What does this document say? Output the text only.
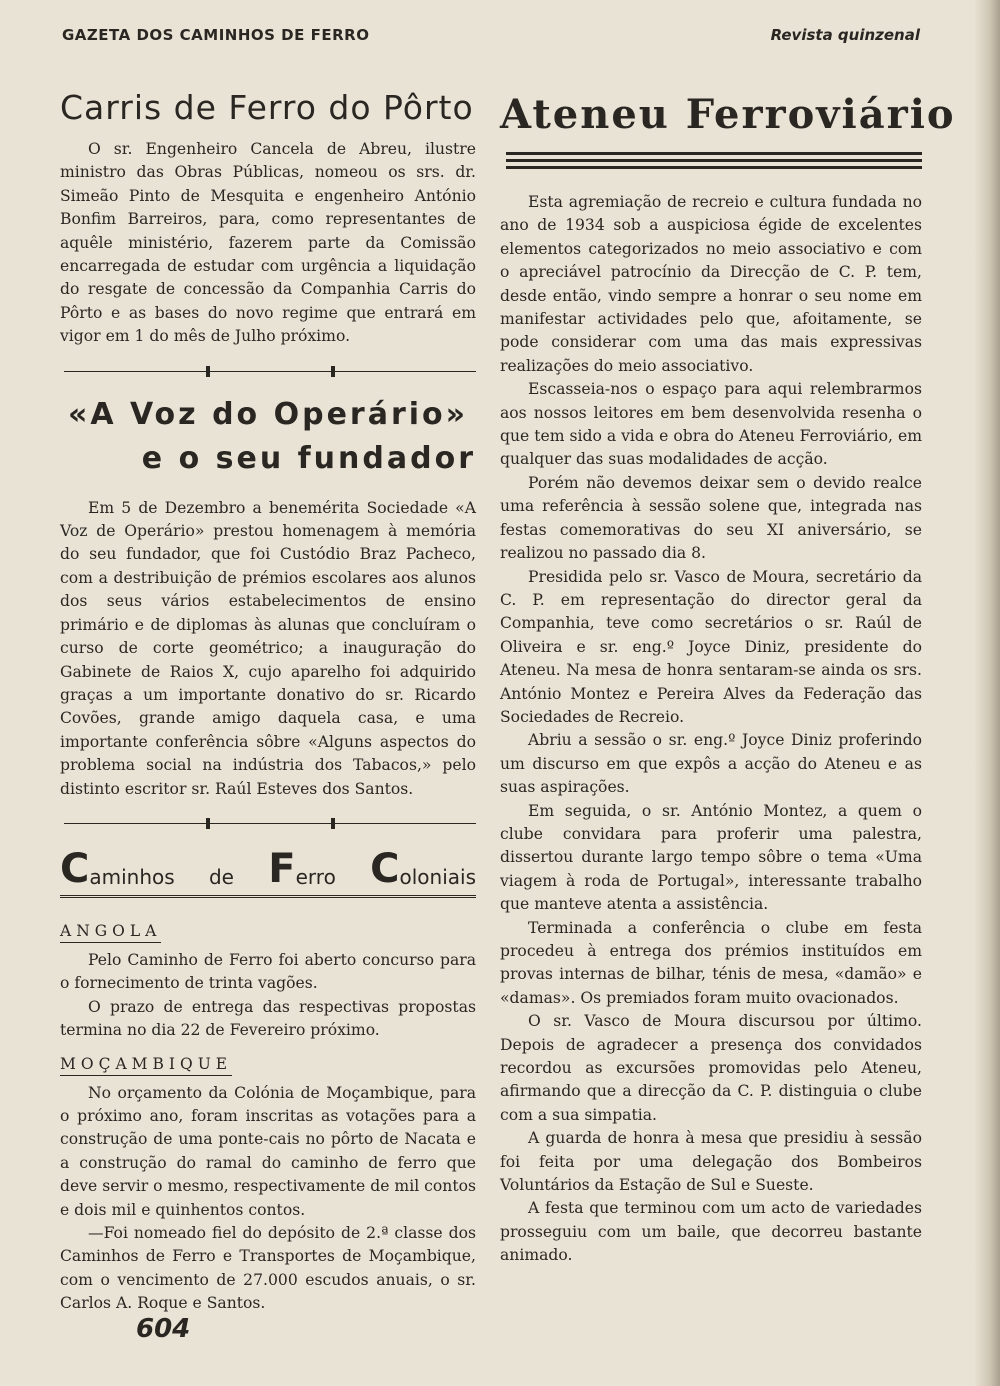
GAZETA DOS CAMINHOS DE FERRO	Revista quinzenal
Carris de Ferro do Pôrto

O sr. Engenheiro Cancela de Abreu, ilustre ministro das Obras Públicas, nomeou os srs. dr. Simeão Pinto de Mesquita e engenheiro António Bonfim Barreiros, para, como representantes de aquêle ministério, fazerem parte da Comissão encarregada de estudar com urgência a liquidação do resgate de concessão da Companhia Carris do Pôrto e as bases do novo regime que entrará em vigor em 1 do mês de Julho próximo.

«A Voz do Operário»
e o seu fundador

Em 5 de Dezembro a benemérita Sociedade «A Voz de Operário» prestou homenagem à memória do seu fundador, que foi Custódio Braz Pacheco, com a destribuição de prémios escolares aos alunos dos seus vários estabelecimentos de ensino primário e de diplomas às alunas que concluíram o curso de corte geométrico; a inauguração do Gabinete de Raios X, cujo aparelho foi adquirido graças a um importante donativo do sr. Ricardo Covões, grande amigo daquela casa, e uma importante conferência sôbre «Alguns aspectos do problema social na indústria dos Tabacos,» pelo distinto escritor sr. Raúl Esteves dos Santos.

C aminhos de F erro C oloniais
ANGOLA

Pelo Caminho de Ferro foi aberto concurso para o fornecimento de trinta vagões.

O prazo de entrega das respectivas propostas termina no dia 22 de Fevereiro próximo.

MOÇAMBIQUE

No orçamento da Colónia de Moçambique, para o próximo ano, foram inscritas as votações para a construção de uma ponte-cais no pôrto de Nacata e a construção do ramal do caminho de ferro que deve servir o mesmo, respectivamente de mil contos e dois mil e quinhentos contos.

—Foi nomeado fiel do depósito de 2.ª classe dos Caminhos de Ferro e Transportes de Moçambique, com o vencimento de 27.000 escudos anuais, o sr. Carlos A. Roque e Santos.

Ateneu Ferroviário

Esta agremiação de recreio e cultura fundada no ano de 1934 sob a auspiciosa égide de excelentes elementos categorizados no meio associativo e com o apreciável patrocínio da Direcção de C. P. tem, desde então, vindo sempre a honrar o seu nome em manifestar actividades pelo que, afoitamente, se pode considerar com uma das mais expressivas realizações do meio associativo.

Escasseia-nos o espaço para aqui relembrarmos aos nossos leitores em bem desenvolvida resenha o que tem sido a vida e obra do Ateneu Ferroviário, em qualquer das suas modalidades de acção.

Porém não devemos deixar sem o devido realce uma referência à sessão solene que, integrada nas festas comemorativas do seu XI aniversário, se realizou no passado dia 8.

Presidida pelo sr. Vasco de Moura, secretário da C. P. em representação do director geral da Companhia, teve como secretários o sr. Raúl de Oliveira e sr. eng.º Joyce Diniz, presidente do Ateneu. Na mesa de honra sentaram-se ainda os srs. António Montez e Pereira Alves da Federação das Sociedades de Recreio.

Abriu a sessão o sr. eng.º Joyce Diniz proferindo um discurso em que expôs a acção do Ateneu e as suas aspirações.

Em seguida, o sr. António Montez, a quem o clube convidara para proferir uma palestra, dissertou durante largo tempo sôbre o tema «Uma viagem à roda de Portugal», interessante trabalho que manteve atenta a assistência.

Terminada a conferência o clube em festa procedeu à entrega dos prémios instituídos em provas internas de bilhar, ténis de mesa, «damão» e «damas». Os premiados foram muito ovacionados.

O sr. Vasco de Moura discursou por último. Depois de agradecer a presença dos convidados recordou as excursões promovidas pelo Ateneu, afirmando que a direcção da C. P. distinguia o clube com a sua simpatia.

A guarda de honra à mesa que presidiu à sessão foi feita por uma delegação dos Bombeiros Voluntários da Estação de Sul e Sueste.

A festa que terminou com um acto de variedades prosseguiu com um baile, que decorreu bastante animado.

604
